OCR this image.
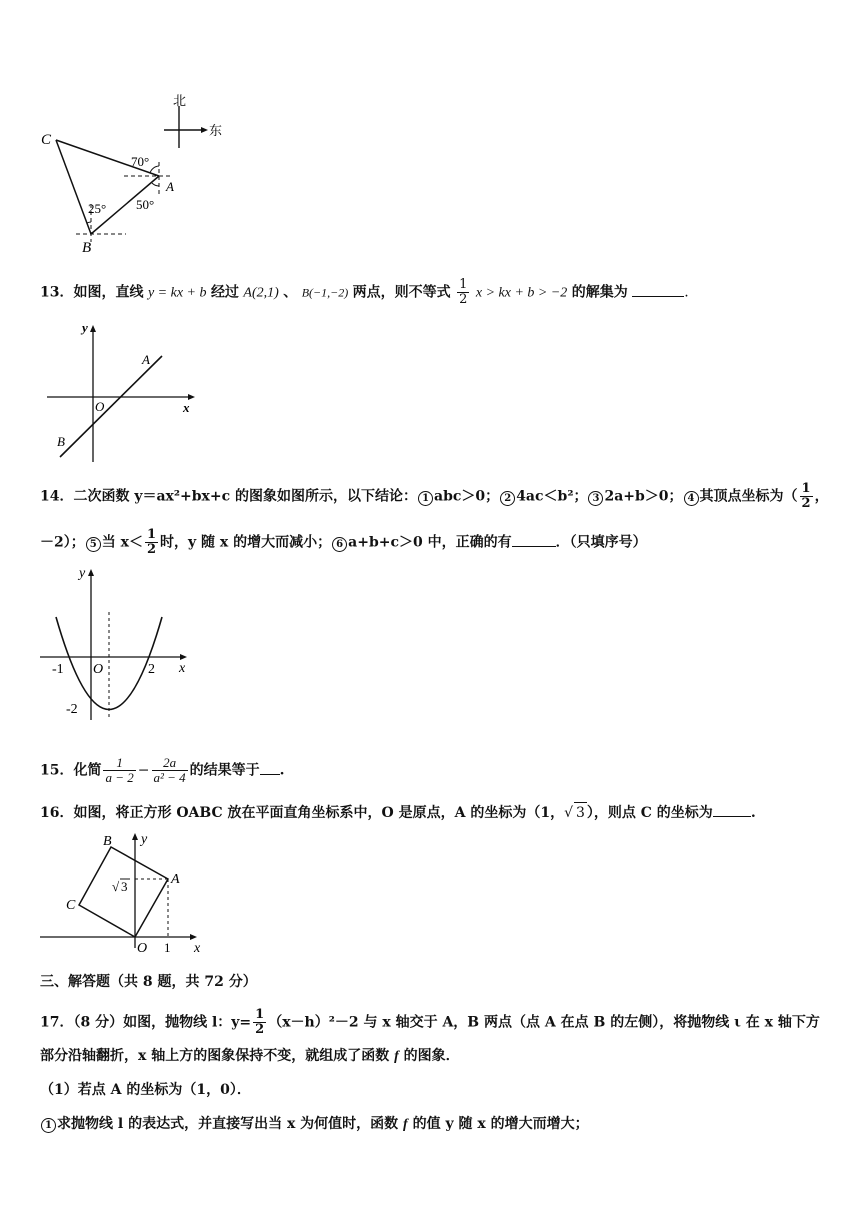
北
东
C
A
B
70°
50°
25°
13．如图，直线 y = kx + b 经过 A(2,1) 、 B(−1,−2) 两点，则不等式 $\frac{1}{2}$ x > kx + b > −2 的解集为	.
y
x
O
A
B
14．二次函数 y＝ax²+bx+c 的图象如图所示，以下结论： 1 abc＞0； 2 4ac＜b²； 3 2a+b＞0； 4 其顶点坐标为（ $\frac{1}{2}$ ，
－2）； 5 当 $x< \frac{1}{2}$ 时，y 随 x 的增大而减小； 6 a+b+c＞0 中，正确的有	．（只填序号）
y
x
O
-1	2
-2
15．化简 $\frac{1}{a - 2} - \frac{2a}{\text{a² − 4}}$ 的结果等于 .
16．如图，将正方形 OABC 放在平面直角坐标系中，O 是原点，A 的坐标为（1，√ 3 ），则点 C 的坐标为	.
B y
A
C
O 1 x
√ 3
三、解答题（共 8 题，共 72 分）
17．（8 分）如图，抛物线 l：$y= \frac{1}{2} (x-h)^2-2$ 与 x 轴交于 A，B 两点（点 A 在点 B 的左侧），将抛物线 ι 在 x 轴下方
部分沿轴翻折，x 轴上方的图象保持不变，就组成了函数 f 的图象．
（1）若点 A 的坐标为（1，0）．
1 求抛物线 l 的表达式，并直接写出当 x 为何值时，函数 f 的值 y 随 x 的增大而增大；
